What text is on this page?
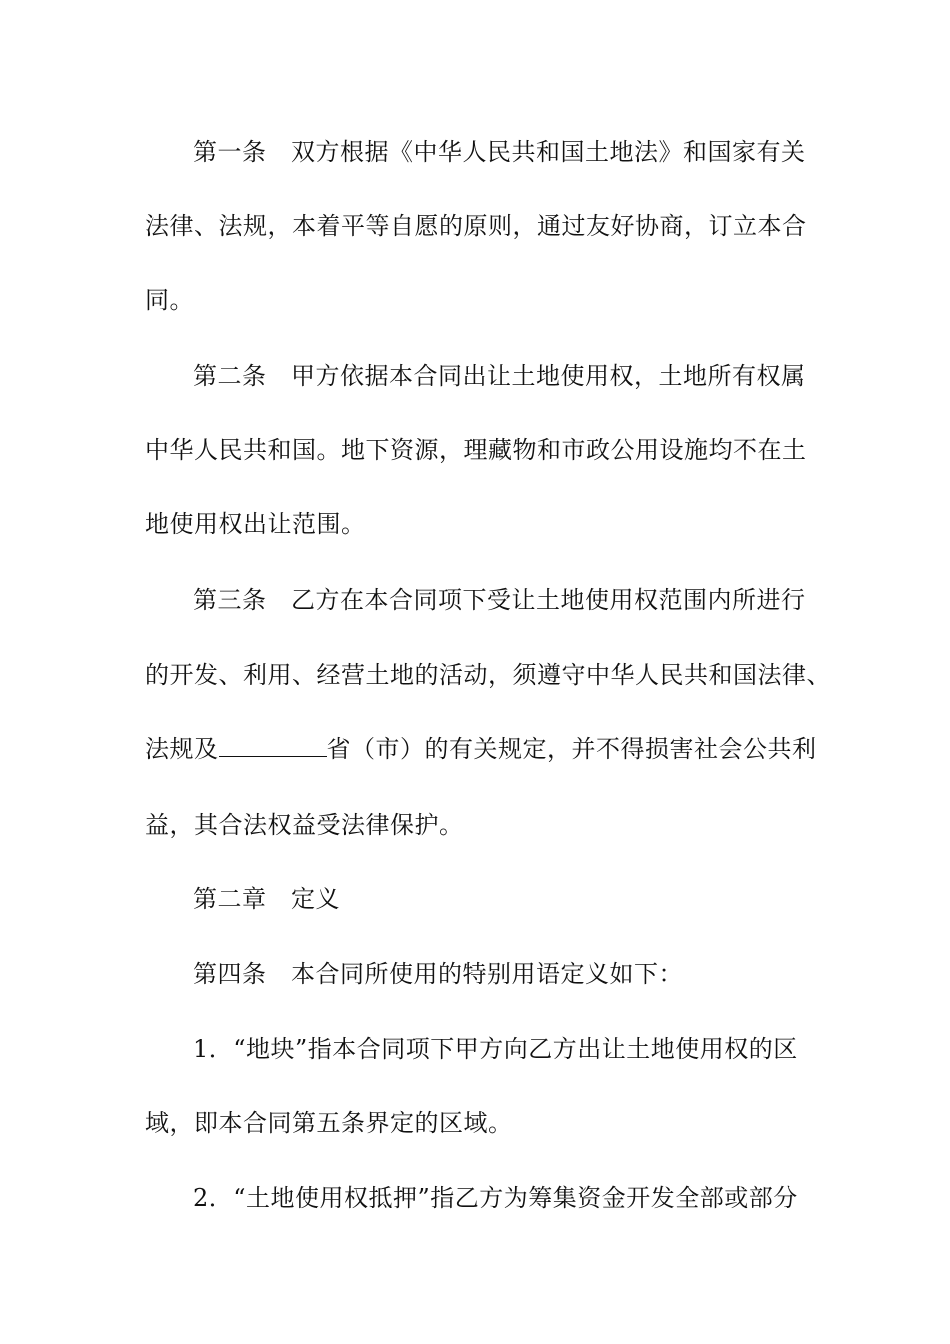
第一条　双方根据《中华人民共和国土地法》和国家有关
法律、法规，本着平等自愿的原则，通过友好协商，订立本合
同。
第二条　甲方依据本合同出让土地使用权，土地所有权属
中华人民共和国。地下资源，理藏物和市政公用设施均不在土
地使用权出让范围。
第三条　乙方在本合同项下受让土地使用权范围内所进行
的开发、利用、经营土地的活动，须遵守中华人民共和国法律、
法规及	省（市）的有关规定，并不得损害社会公共利
益，其合法权益受法律保护。
第二章　定义
第四条　本合同所使用的特别用语定义如下：
1．“地块”指本合同项下甲方向乙方出让土地使用权的区
域，即本合同第五条界定的区域。
2．“土地使用权抵押”指乙方为筹集资金开发全部或部分
